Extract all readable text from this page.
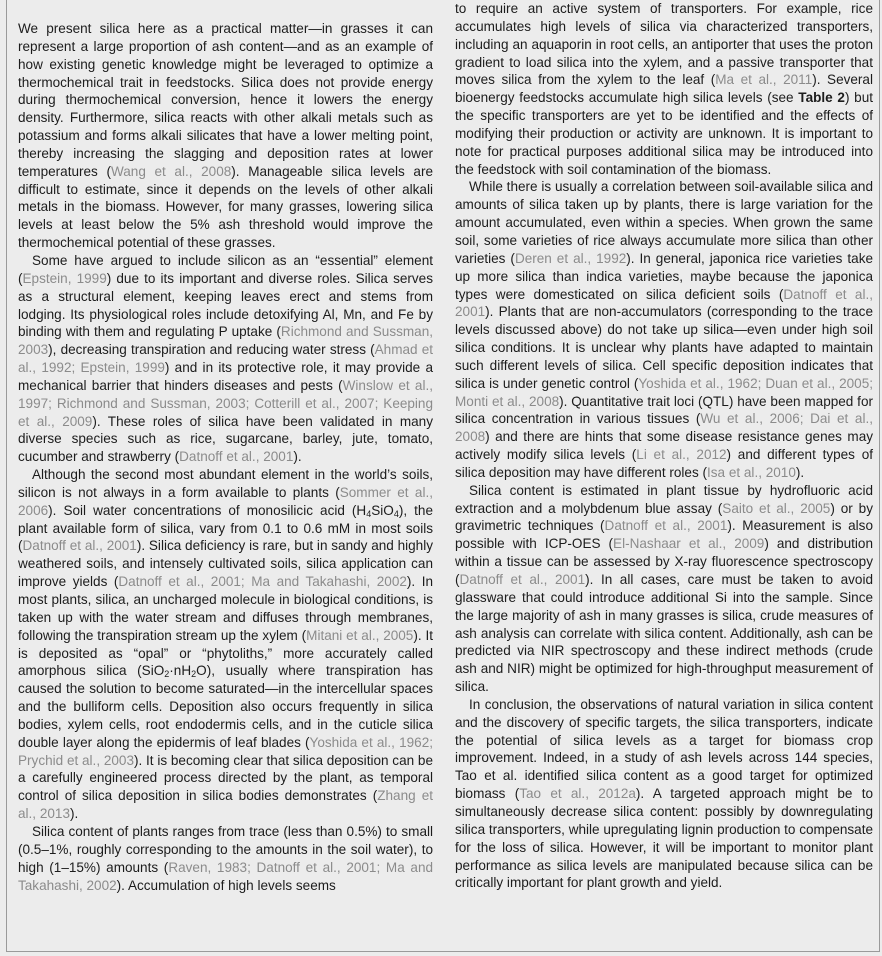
We present silica here as a practical matter—in grasses it can represent a large proportion of ash content—and as an example of how existing genetic knowledge might be leveraged to optimize a thermochemical trait in feedstocks. Silica does not provide energy during thermochemical conversion, hence it lowers the energy density. Furthermore, silica reacts with other alkali metals such as potassium and forms alkali silicates that have a lower melting point, thereby increasing the slagging and deposition rates at lower temperatures (Wang et al., 2008). Manageable silica levels are difficult to estimate, since it depends on the levels of other alkali metals in the biomass. However, for many grasses, lowering silica levels at least below the 5% ash threshold would improve the thermochemical potential of these grasses.

Some have argued to include silicon as an “essential” element (Epstein, 1999) due to its important and diverse roles. Silica serves as a structural element, keeping leaves erect and stems from lodging. Its physiological roles include detoxifying Al, Mn, and Fe by binding with them and regulating P uptake (Richmond and Sussman, 2003), decreasing transpiration and reducing water stress (Ahmad et al., 1992; Epstein, 1999) and in its protective role, it may provide a mechanical barrier that hinders diseases and pests (Winslow et al., 1997; Richmond and Sussman, 2003; Cotterill et al., 2007; Keeping et al., 2009). These roles of silica have been validated in many diverse species such as rice, sugarcane, barley, jute, tomato, cucumber and strawberry (Datnoff et al., 2001).

Although the second most abundant element in the world’s soils, silicon is not always in a form available to plants (Sommer et al., 2006). Soil water concentrations of monosilicic acid $(H_4SiO_4)$, the plant available form of silica, vary from 0.1 to 0.6 mM in most soils (Datnoff et al., 2001). Silica deficiency is rare, but in sandy and highly weathered soils, and intensely cultivated soils, silica application can improve yields (Datnoff et al., 2001; Ma and Takahashi, 2002). In most plants, silica, an uncharged molecule in biological conditions, is taken up with the water stream and diffuses through membranes, following the transpiration stream up the xylem (Mitani et al., 2005). It is deposited as “opal” or “phytoliths,” more accurately called amorphous silica $(SiO_2\cdot nH_2O)$, usually where transpiration has caused the solution to become saturated—in the intercellular spaces and the bulliform cells. Deposition also occurs frequently in silica bodies, xylem cells, root endodermis cells, and in the cuticle silica double layer along the epidermis of leaf blades (Yoshida et al., 1962; Prychid et al., 2003). It is becoming clear that silica deposition can be a carefully engineered process directed by the plant, as temporal control of silica deposition in silica bodies demonstrates (Zhang et al., 2013).

Silica content of plants ranges from trace (less than 0.5%) to small (0.5–1%, roughly corresponding to the amounts in the soil water), to high (1–15%) amounts (Raven, 1983; Datnoff et al., 2001; Ma and Takahashi, 2002). Accumulation of high levels seems

to require an active system of transporters. For example, rice accumulates high levels of silica via characterized transporters, including an aquaporin in root cells, an antiporter that uses the proton gradient to load silica into the xylem, and a passive transporter that moves silica from the xylem to the leaf (Ma et al., 2011). Several bioenergy feedstocks accumulate high silica levels (see Table 2) but the specific transporters are yet to be identified and the effects of modifying their production or activity are unknown. It is important to note for practical purposes additional silica may be introduced into the feedstock with soil contamination of the biomass.

While there is usually a correlation between soil-available silica and amounts of silica taken up by plants, there is large variation for the amount accumulated, even within a species. When grown the same soil, some varieties of rice always accumulate more silica than other varieties (Deren et al., 1992). In general, japonica rice varieties take up more silica than indica varieties, maybe because the japonica types were domesticated on silica deficient soils (Datnoff et al., 2001). Plants that are non-accumulators (corresponding to the trace levels discussed above) do not take up silica—even under high soil silica conditions. It is unclear why plants have adapted to maintain such different levels of silica. Cell specific deposition indicates that silica is under genetic control (Yoshida et al., 1962; Duan et al., 2005; Monti et al., 2008). Quantitative trait loci (QTL) have been mapped for silica concentration in various tissues (Wu et al., 2006; Dai et al., 2008) and there are hints that some disease resistance genes may actively modify silica levels (Li et al., 2012) and different types of silica deposition may have different roles (Isa et al., 2010).

Silica content is estimated in plant tissue by hydrofluoric acid extraction and a molybdenum blue assay (Saito et al., 2005) or by gravimetric techniques (Datnoff et al., 2001). Measurement is also possible with ICP-OES (El-Nashaar et al., 2009) and distribution within a tissue can be assessed by X-ray fluorescence spectroscopy (Datnoff et al., 2001). In all cases, care must be taken to avoid glassware that could introduce additional Si into the sample. Since the large majority of ash in many grasses is silica, crude measures of ash analysis can correlate with silica content. Additionally, ash can be predicted via NIR spectroscopy and these indirect methods (crude ash and NIR) might be optimized for high-throughput measurement of silica.

In conclusion, the observations of natural variation in silica content and the discovery of specific targets, the silica transporters, indicate the potential of silica levels as a target for biomass crop improvement. Indeed, in a study of ash levels across 144 species, Tao et al. identified silica content as a good target for optimized biomass (Tao et al., 2012a). A targeted approach might be to simultaneously decrease silica content: possibly by downregulating silica transporters, while upregulating lignin production to compensate for the loss of silica. However, it will be important to monitor plant performance as silica levels are manipulated because silica can be critically important for plant growth and yield.
